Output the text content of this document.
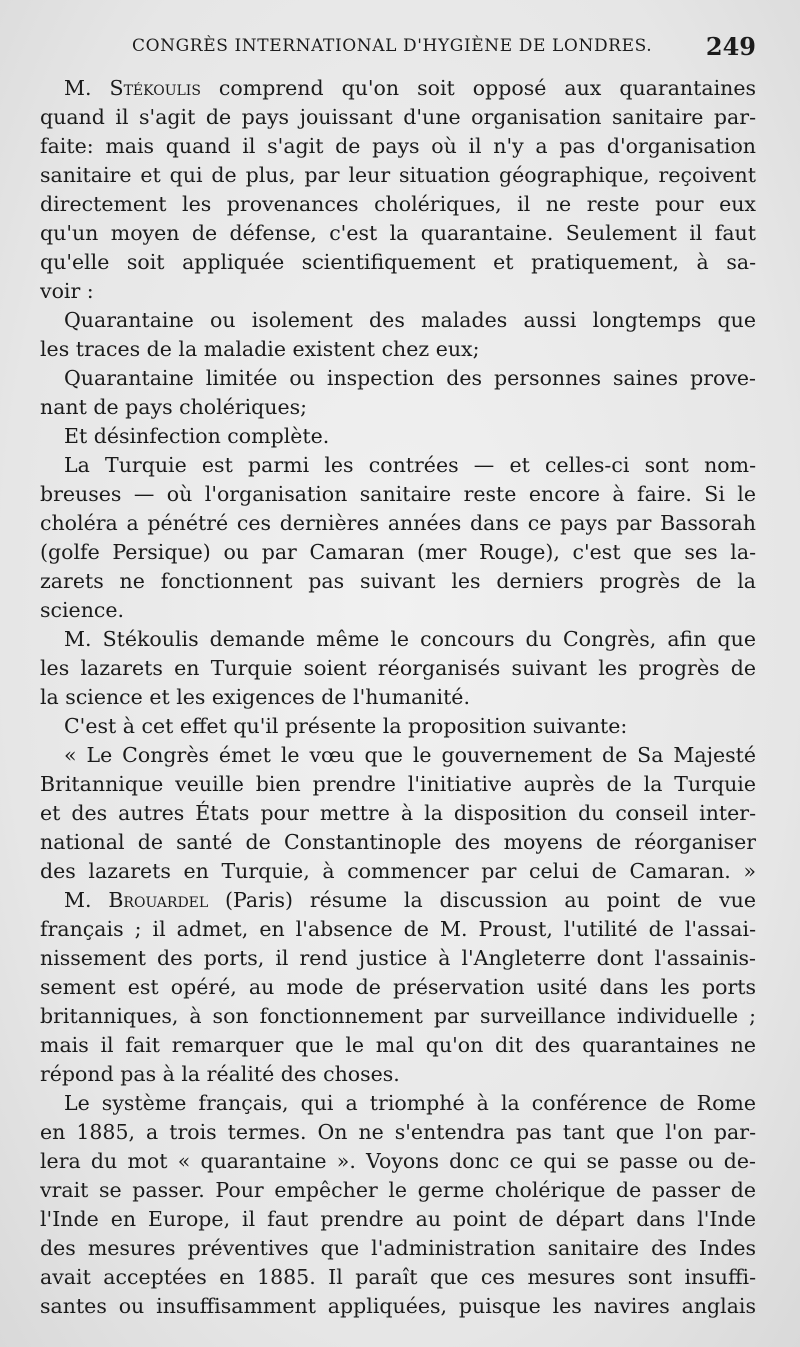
CONGRÈS INTERNATIONAL D'HYGIÈNE DE LONDRES. 249
M. Stékoulis comprend qu'on soit opposé aux quarantaines
quand il s'agit de pays jouissant d'une organisation sanitaire par-
faite: mais quand il s'agit de pays où il n'y a pas d'organisation
sanitaire et qui de plus, par leur situation géographique, reçoivent
directement les provenances cholériques, il ne reste pour eux
qu'un moyen de défense, c'est la quarantaine. Seulement il faut
qu'elle soit appliquée scientifiquement et pratiquement, à sa-
voir :
Quarantaine ou isolement des malades aussi longtemps que
les traces de la maladie existent chez eux;
Quarantaine limitée ou inspection des personnes saines prove-
nant de pays cholériques;
Et désinfection complète.
La Turquie est parmi les contrées — et celles-ci sont nom-
breuses — où l'organisation sanitaire reste encore à faire. Si le
choléra a pénétré ces dernières années dans ce pays par Bassorah
(golfe Persique) ou par Camaran (mer Rouge), c'est que ses la-
zarets ne fonctionnent pas suivant les derniers progrès de la
science.
M. Stékoulis demande même le concours du Congrès, afin que
les lazarets en Turquie soient réorganisés suivant les progrès de
la science et les exigences de l'humanité.
C'est à cet effet qu'il présente la proposition suivante:
« Le Congrès émet le vœu que le gouvernement de Sa Majesté
Britannique veuille bien prendre l'initiative auprès de la Turquie
et des autres États pour mettre à la disposition du conseil inter-
national de santé de Constantinople des moyens de réorganiser
des lazarets en Turquie, à commencer par celui de Camaran. »
M. Brouardel (Paris) résume la discussion au point de vue
français ; il admet, en l'absence de M. Proust, l'utilité de l'assai-
nissement des ports, il rend justice à l'Angleterre dont l'assainis-
sement est opéré, au mode de préservation usité dans les ports
britanniques, à son fonctionnement par surveillance individuelle ;
mais il fait remarquer que le mal qu'on dit des quarantaines ne
répond pas à la réalité des choses.
Le système français, qui a triomphé à la conférence de Rome
en 1885, a trois termes. On ne s'entendra pas tant que l'on par-
lera du mot « quarantaine ». Voyons donc ce qui se passe ou de-
vrait se passer. Pour empêcher le germe cholérique de passer de
l'Inde en Europe, il faut prendre au point de départ dans l'Inde
des mesures préventives que l'administration sanitaire des Indes
avait acceptées en 1885. Il paraît que ces mesures sont insuffi-
santes ou insuffisamment appliquées, puisque les navires anglais
